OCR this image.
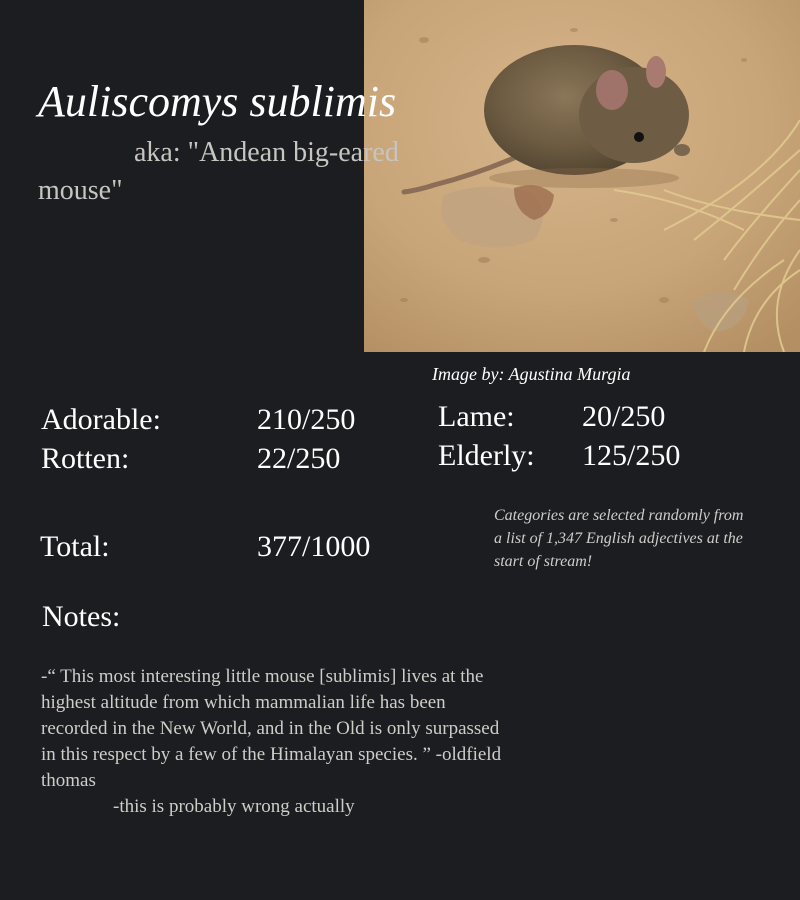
Auliscomys sublimis
aka: "Andean big-eared mouse"
Image by: Agustina Murgia
Adorable:	210/250
Rotten:	22/250
Lame: 20/250
Elderly: 125/250
Total:	377/1000
Categories are selected randomly from a list of 1,347 English adjectives at the start of stream!
Notes:
-“ This most interesting little mouse [sublimis] lives at the highest altitude from which mammalian life has been recorded in the New World, and in the Old is only surpassed in this respect by a few of the Himalayan species. ” -oldfield thomas
-this is probably wrong actually
